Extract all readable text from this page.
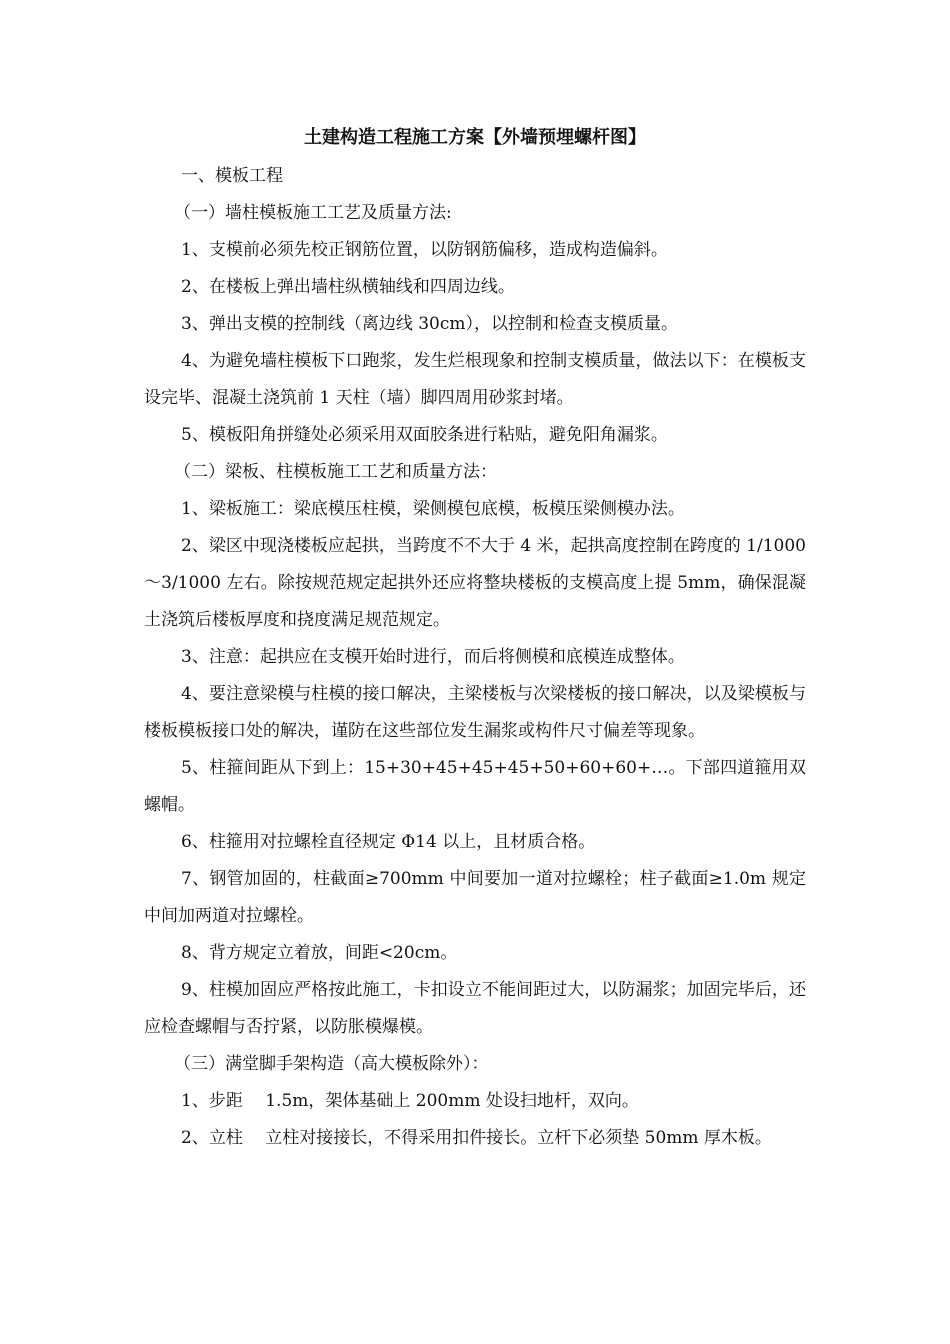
土建构造工程施工方案【外墙预埋螺杆图】

一、模板工程

（一）墙柱模板施工工艺及质量方法:

1、支模前必须先校正钢筋位置，以防钢筋偏移，造成构造偏斜。

2、在楼板上弹出墙柱纵横轴线和四周边线。

3、弹出支模的控制线（离边线 30cm），以控制和检查支模质量。

4、为避免墙柱模板下口跑浆，发生烂根现象和控制支模质量，做法以下：在模板支设完毕、混凝土浇筑前 1 天柱（墙）脚四周用砂浆封堵。

5、模板阳角拼缝处必须采用双面胶条进行粘贴，避免阳角漏浆。

（二）梁板、柱模板施工工艺和质量方法：

1、梁板施工：梁底模压柱模，梁侧模包底模，板模压梁侧模办法。

2、梁区中现浇楼板应起拱，当跨度不不大于 4 米，起拱高度控制在跨度的 1/1000～3/1000 左右。除按规范规定起拱外还应将整块楼板的支模高度上提 5mm，确保混凝土浇筑后楼板厚度和挠度满足规范规定。

3、注意：起拱应在支模开始时进行，而后将侧模和底模连成整体。

4、要注意梁模与柱模的接口解决，主梁楼板与次梁楼板的接口解决，以及梁模板与楼板模板接口处的解决，谨防在这些部位发生漏浆或构件尺寸偏差等现象。

5、柱箍间距从下到上：15+30+45+45+45+50+60+60+…。下部四道箍用双螺帽。

6、柱箍用对拉螺栓直径规定 Φ14 以上，且材质合格。

7、钢管加固的，柱截面≥700mm 中间要加一道对拉螺栓；柱子截面≥1.0m 规定中间加两道对拉螺栓。

8、背方规定立着放，间距<20cm。

9、柱模加固应严格按此施工，卡扣设立不能间距过大，以防漏浆；加固完毕后，还应检查螺帽与否拧紧，以防胀模爆模。

（三）满堂脚手架构造（高大模板除外）：

1、步距　 1.5m，架体基础上 200mm 处设扫地杆，双向。

2、立柱　 立柱对接接长，不得采用扣件接长。立杆下必须垫 50mm 厚木板。
